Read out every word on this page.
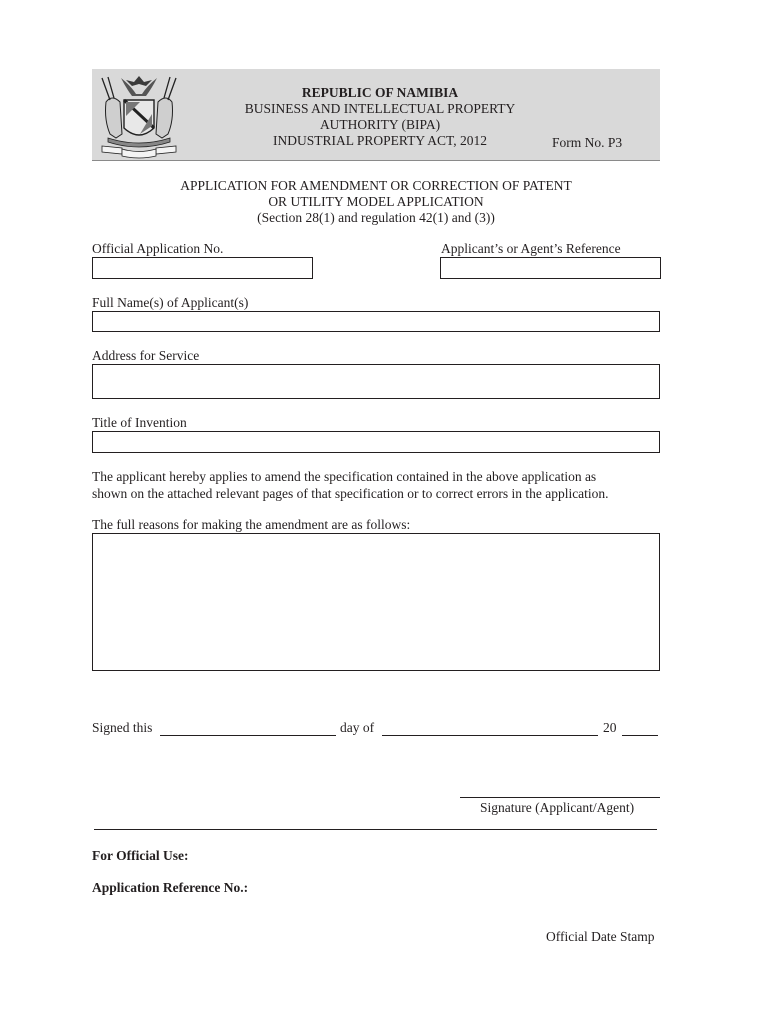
REPUBLIC OF NAMIBIA
BUSINESS AND INTELLECTUAL PROPERTY
AUTHORITY (BIPA)
INDUSTRIAL PROPERTY ACT, 2012	Form No. P3
APPLICATION FOR AMENDMENT OR CORRECTION OF PATENT
OR UTILITY MODEL APPLICATION
(Section 28(1) and regulation 42(1) and (3))
Official Application No.	Applicant’s or Agent’s Reference
Full Name(s) of Applicant(s)
Address for Service
Title of Invention
The applicant hereby applies to amend the specification contained in the above application as
shown on the attached relevant pages of that specification or to correct errors in the application.
The full reasons for making the amendment are as follows:
Signed this	day of	20
Signature (Applicant/Agent)
For Official Use:
Application Reference No.:
Official Date Stamp
